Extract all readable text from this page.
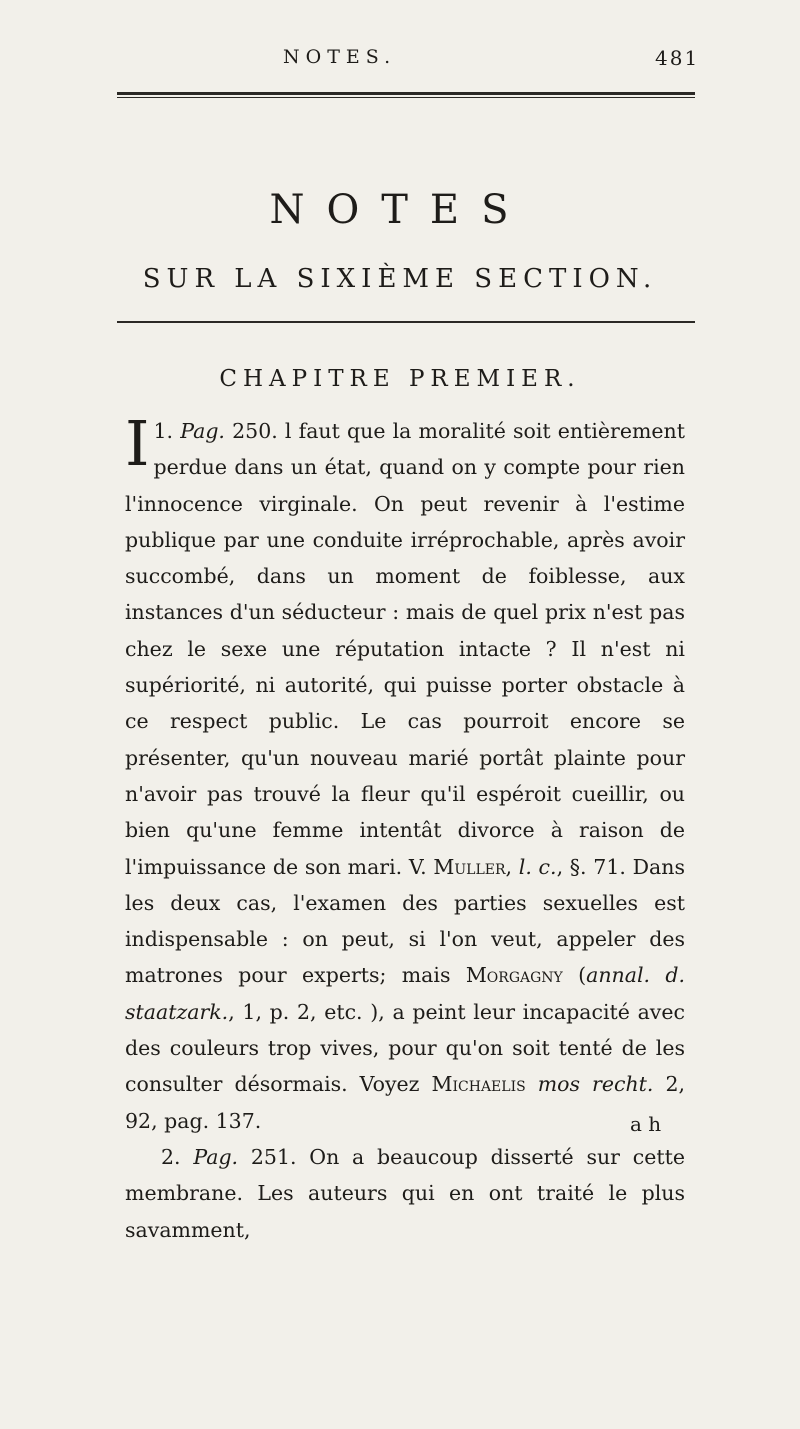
NOTES.	481
NOTES
SUR LA SIXIÈME SECTION.
CHAPITRE PREMIER.

1. Pag. 250.
I	l faut que la moralité soit entièrement perdue dans un état, quand on y compte pour rien l'innocence virginale. On peut revenir à l'estime publique par une conduite irréprochable, après avoir succombé, dans un moment de foiblesse, aux instances d'un séducteur : mais de quel prix n'est pas chez le sexe une réputation intacte ? Il n'est ni supériorité, ni autorité, qui puisse porter obstacle à ce respect public. Le cas pourroit encore se présenter, qu'un nouveau marié portât plainte pour n'avoir pas trouvé la fleur qu'il espéroit cueillir, ou bien qu'une femme intentât divorce à raison de l'impuissance de son mari. V. Muller, l. c., §. 71. Dans les deux cas, l'examen des parties sexuelles est indispensable : on peut, si l'on veut, appeler des matrones pour experts; mais Morgagny (annal. d. staatzark., 1, p. 2, etc. ), a peint leur incapacité avec des couleurs trop vives, pour qu'on soit tenté de les consulter désormais. Voyez Michaelis mos recht. 2, 92, pag. 137.

2. Pag. 251. On a beaucoup disserté sur cette membrane. Les auteurs qui en ont traité le plus savamment,

a h
